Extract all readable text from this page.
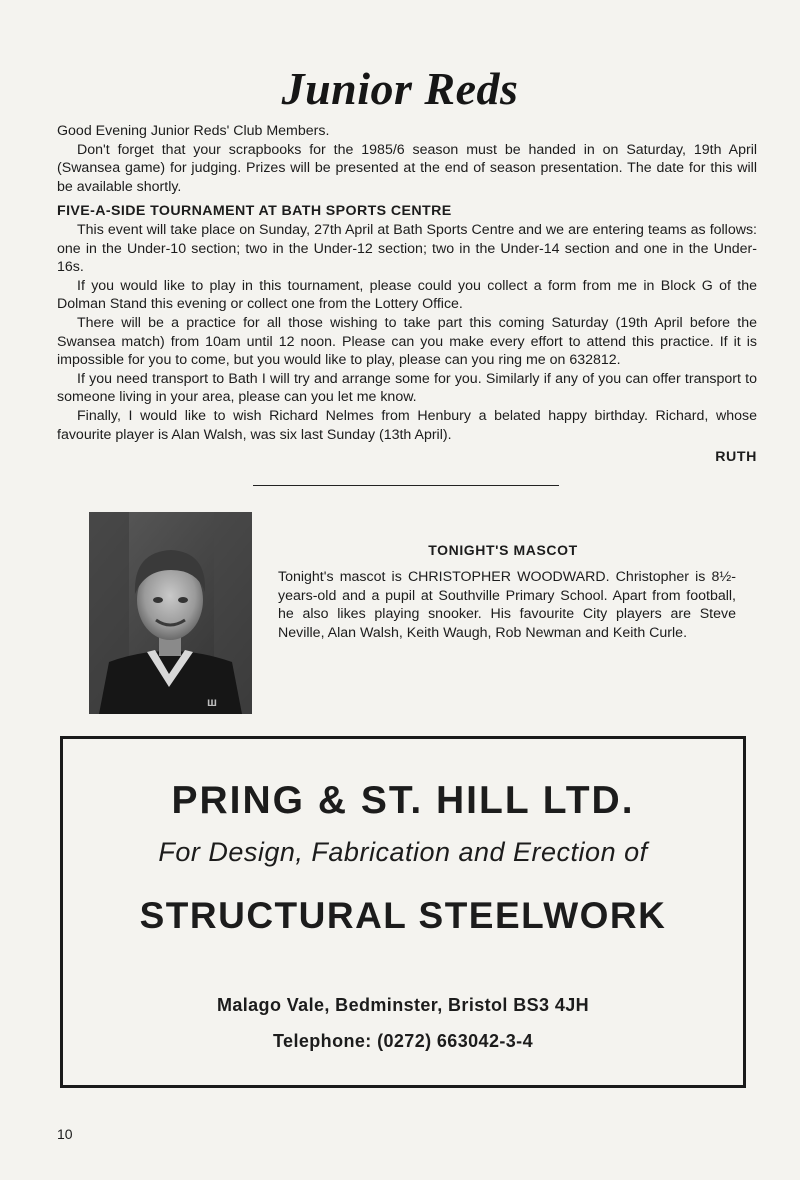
Junior Reds

Good Evening Junior Reds' Club Members.

Don't forget that your scrapbooks for the 1985/6 season must be handed in on Saturday, 19th April (Swansea game) for judging. Prizes will be presented at the end of season presentation. The date for this will be available shortly.

FIVE-A-SIDE TOURNAMENT AT BATH SPORTS CENTRE

This event will take place on Sunday, 27th April at Bath Sports Centre and we are entering teams as follows: one in the Under-10 section; two in the Under-12 section; two in the Under-14 section and one in the Under-16s.

If you would like to play in this tournament, please could you collect a form from me in Block G of the Dolman Stand this evening or collect one from the Lottery Office.

There will be a practice for all those wishing to take part this coming Saturday (19th April before the Swansea match) from 10am until 12 noon. Please can you make every effort to attend this practice. If it is impossible for you to come, but you would like to play, please can you ring me on 632812.

If you need transport to Bath I will try and arrange some for you. Similarly if any of you can offer transport to someone living in your area, please can you let me know.

Finally, I would like to wish Richard Nelmes from Henbury a belated happy birthday. Richard, whose favourite player is Alan Walsh, was six last Sunday (13th April).

RUTH
ш
TONIGHT'S MASCOT
Tonight's mascot is CHRISTOPHER WOODWARD. Christopher is 8½-years-old and a pupil at Southville Primary School. Apart from football, he also likes playing snooker. His favourite City players are Steve Neville, Alan Walsh, Keith Waugh, Rob Newman and Keith Curle.
PRING & ST. HILL LTD.
For Design, Fabrication and Erection of
STRUCTURAL STEELWORK
Malago Vale, Bedminster, Bristol BS3 4JH
Telephone: (0272) 663042-3-4
10
